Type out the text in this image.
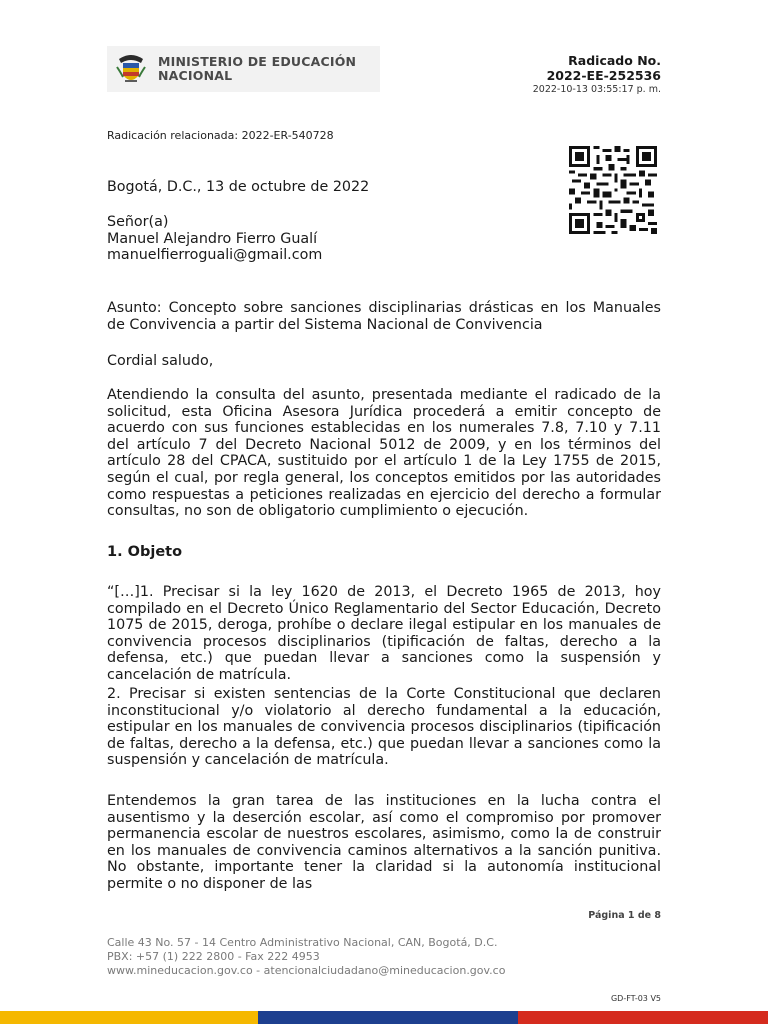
MINISTERIO DE EDUCACIÓN
NACIONAL
Radicado No.
2022-EE-252536
2022-10-13 03:55:17 p. m.
Radicación relacionada: 2022-ER-540728
Bogotá, D.C., 13 de octubre de 2022
Señor(a)
Manuel Alejandro Fierro Gualí
manuelfierroguali@gmail.com
Asunto: Concepto sobre sanciones disciplinarias drásticas en los Manuales de Convivencia a partir del Sistema Nacional de Convivencia
Cordial saludo,
Atendiendo la consulta del asunto, presentada mediante el radicado de la solicitud, esta Oficina Asesora Jurídica procederá a emitir concepto de acuerdo con sus funciones establecidas en los numerales 7.8, 7.10 y 7.11 del artículo 7 del Decreto Nacional 5012 de 2009, y en los términos del artículo 28 del CPACA, sustituido por el artículo 1 de la Ley 1755 de 2015, según el cual, por regla general, los conceptos emitidos por las autoridades como respuestas a peticiones realizadas en ejercicio del derecho a formular consultas, no son de obligatorio cumplimiento o ejecución.
1. Objeto
“[…]1. Precisar si la ley 1620 de 2013, el Decreto 1965 de 2013, hoy compilado en el Decreto Único Reglamentario del Sector Educación, Decreto 1075 de 2015, deroga, prohíbe o declare ilegal estipular en los manuales de convivencia procesos disciplinarios (tipificación de faltas, derecho a la defensa, etc.) que puedan llevar a sanciones como la suspensión y cancelación de matrícula.
2. Precisar si existen sentencias de la Corte Constitucional que declaren inconstitucional y/o violatorio al derecho fundamental a la educación, estipular en los manuales de convivencia procesos disciplinarios (tipificación de faltas, derecho a la defensa, etc.) que puedan llevar a sanciones como la suspensión y cancelación de matrícula.
Entendemos la gran tarea de las instituciones en la lucha contra el ausentismo y la deserción escolar, así como el compromiso por promover permanencia escolar de nuestros escolares, asimismo, como la de construir en los manuales de convivencia caminos alternativos a la sanción punitiva. No obstante, importante tener la claridad si la autonomía institucional permite o no disponer de las
Página 1 de 8
Calle 43 No. 57 - 14 Centro Administrativo Nacional, CAN, Bogotá, D.C.
PBX: +57 (1) 222 2800 - Fax 222 4953
www.mineducacion.gov.co - atencionalciudadano@mineducacion.gov.co
GD-FT-03 V5
